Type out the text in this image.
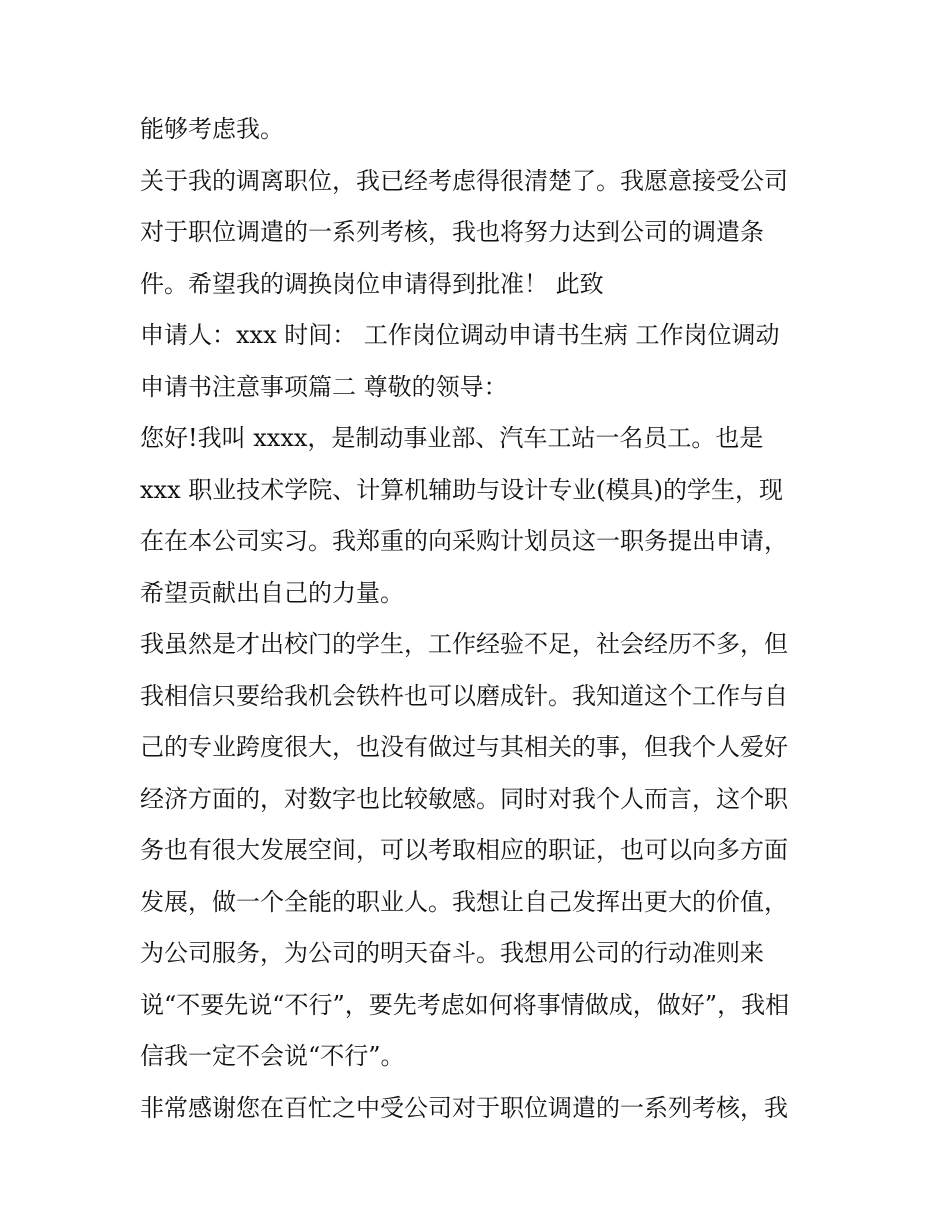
能够考虑我。
关于我的调离职位，我已经考虑得很清楚了。我愿意接受公司
对于职位调遣的一系列考核，我也将努力达到公司的调遣条
件。希望我的调换岗位申请得到批准！ 此致
申请人：xxx 时间： 工作岗位调动申请书生病 工作岗位调动
申请书注意事项篇二 尊敬的领导：
您好!我叫 xxxx，是制动事业部、汽车工站一名员工。也是
xxx 职业技术学院、计算机辅助与设计专业(模具)的学生，现
在在本公司实习。我郑重的向采购计划员这一职务提出申请，
希望贡献出自己的力量。
我虽然是才出校门的学生，工作经验不足，社会经历不多，但
我相信只要给我机会铁杵也可以磨成针。我知道这个工作与自
己的专业跨度很大，也没有做过与其相关的事，但我个人爱好
经济方面的，对数字也比较敏感。同时对我个人而言，这个职
务也有很大发展空间，可以考取相应的职证，也可以向多方面
发展，做一个全能的职业人。我想让自己发挥出更大的价值，
为公司服务，为公司的明天奋斗。我想用公司的行动准则来
说“不要先说“不行”，要先考虑如何将事情做成，做好”，我相
信我一定不会说“不行”。
非常感谢您在百忙之中受公司对于职位调遣的一系列考核，我
